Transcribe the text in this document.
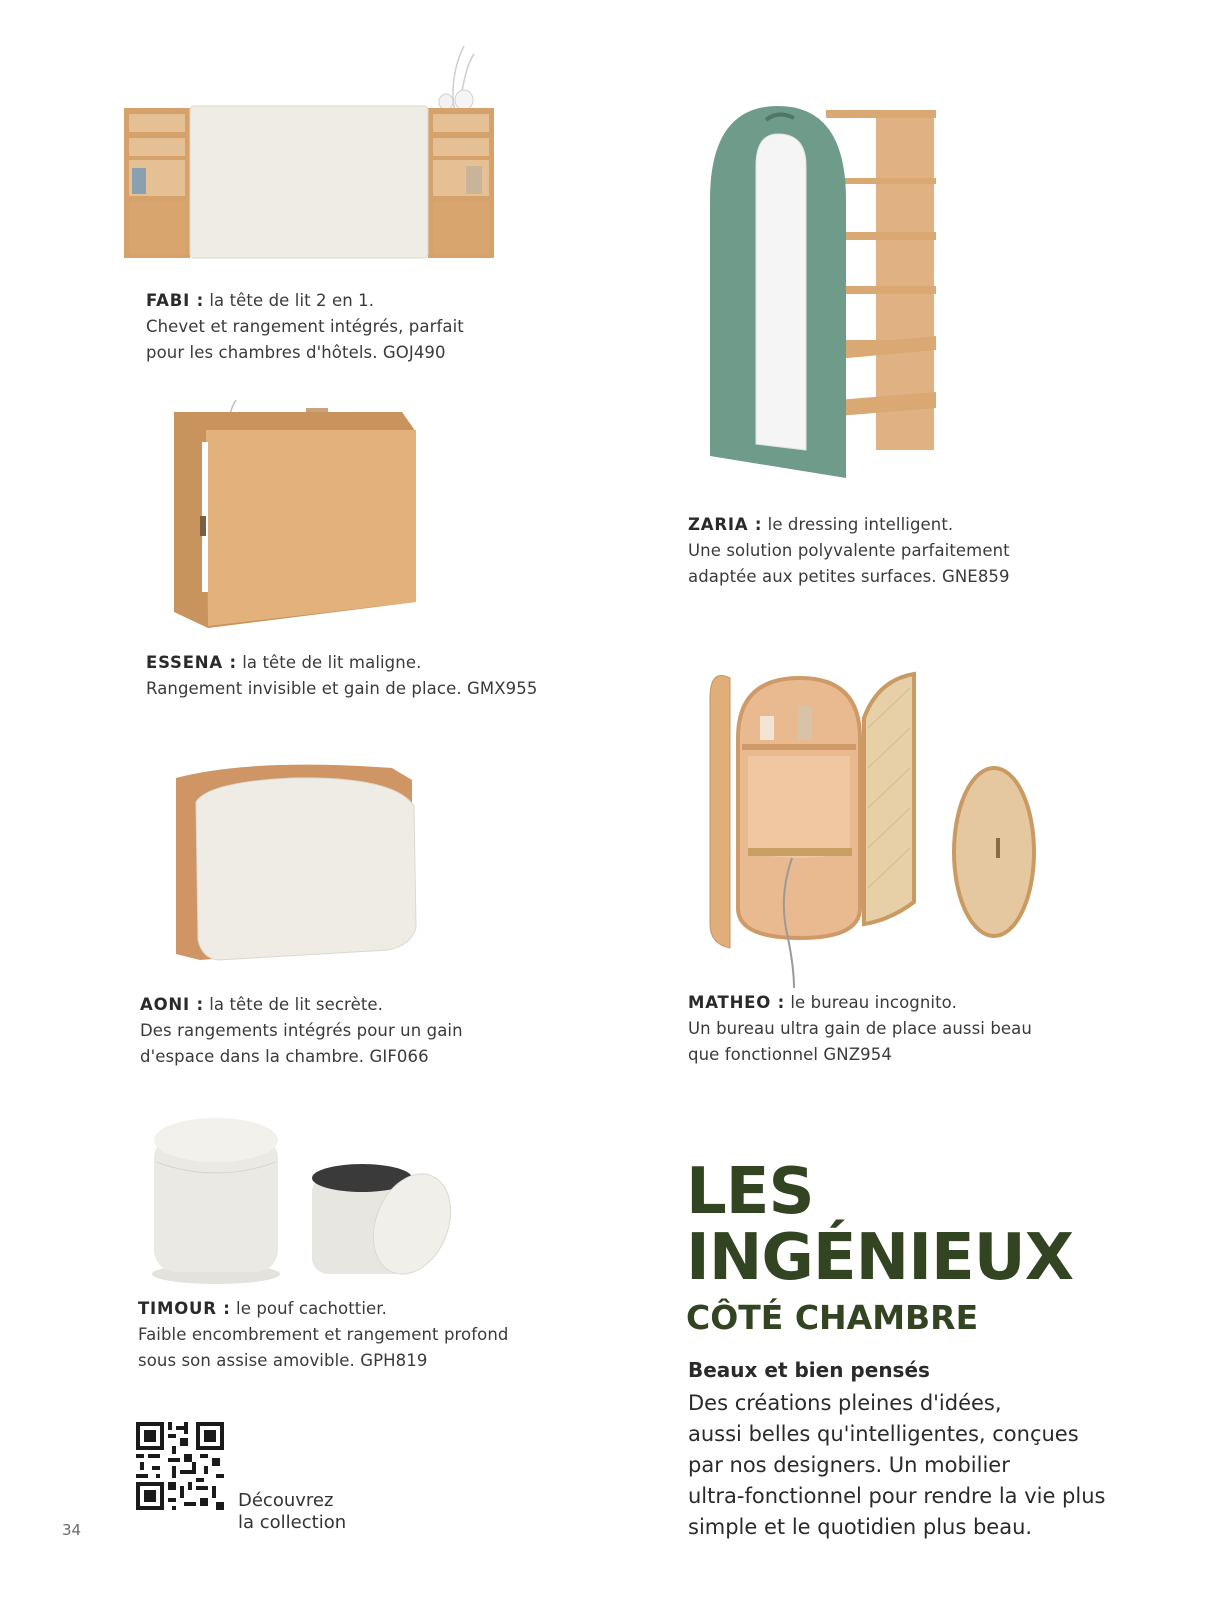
FABI : la tête de lit 2 en 1.

Chevet et rangement intégrés, parfait

pour les chambres d'hôtels. GOJ490

ESSENA : la tête de lit maligne.

Rangement invisible et gain de place. GMX955

AONI : la tête de lit secrète.

Des rangements intégrés pour un gain

d'espace dans la chambre. GIF066

TIMOUR : le pouf cachottier.

Faible encombrement et rangement profond

sous son assise amovible. GPH819

ZARIA : le dressing intelligent.

Une solution polyvalente parfaitement

adaptée aux petites surfaces. GNE859

MATHEO : le bureau incognito.

Un bureau ultra gain de place aussi beau

que fonctionnel GNZ954

LES
INGÉNIEUX
CÔTÉ CHAMBRE
Beaux et bien pensés
Des créations pleines d'idées,
aussi belles qu'intelligentes, conçues
par nos designers. Un mobilier
ultra-fonctionnel pour rendre la vie plus
simple et le quotidien plus beau.
Découvrez
la collection
34
